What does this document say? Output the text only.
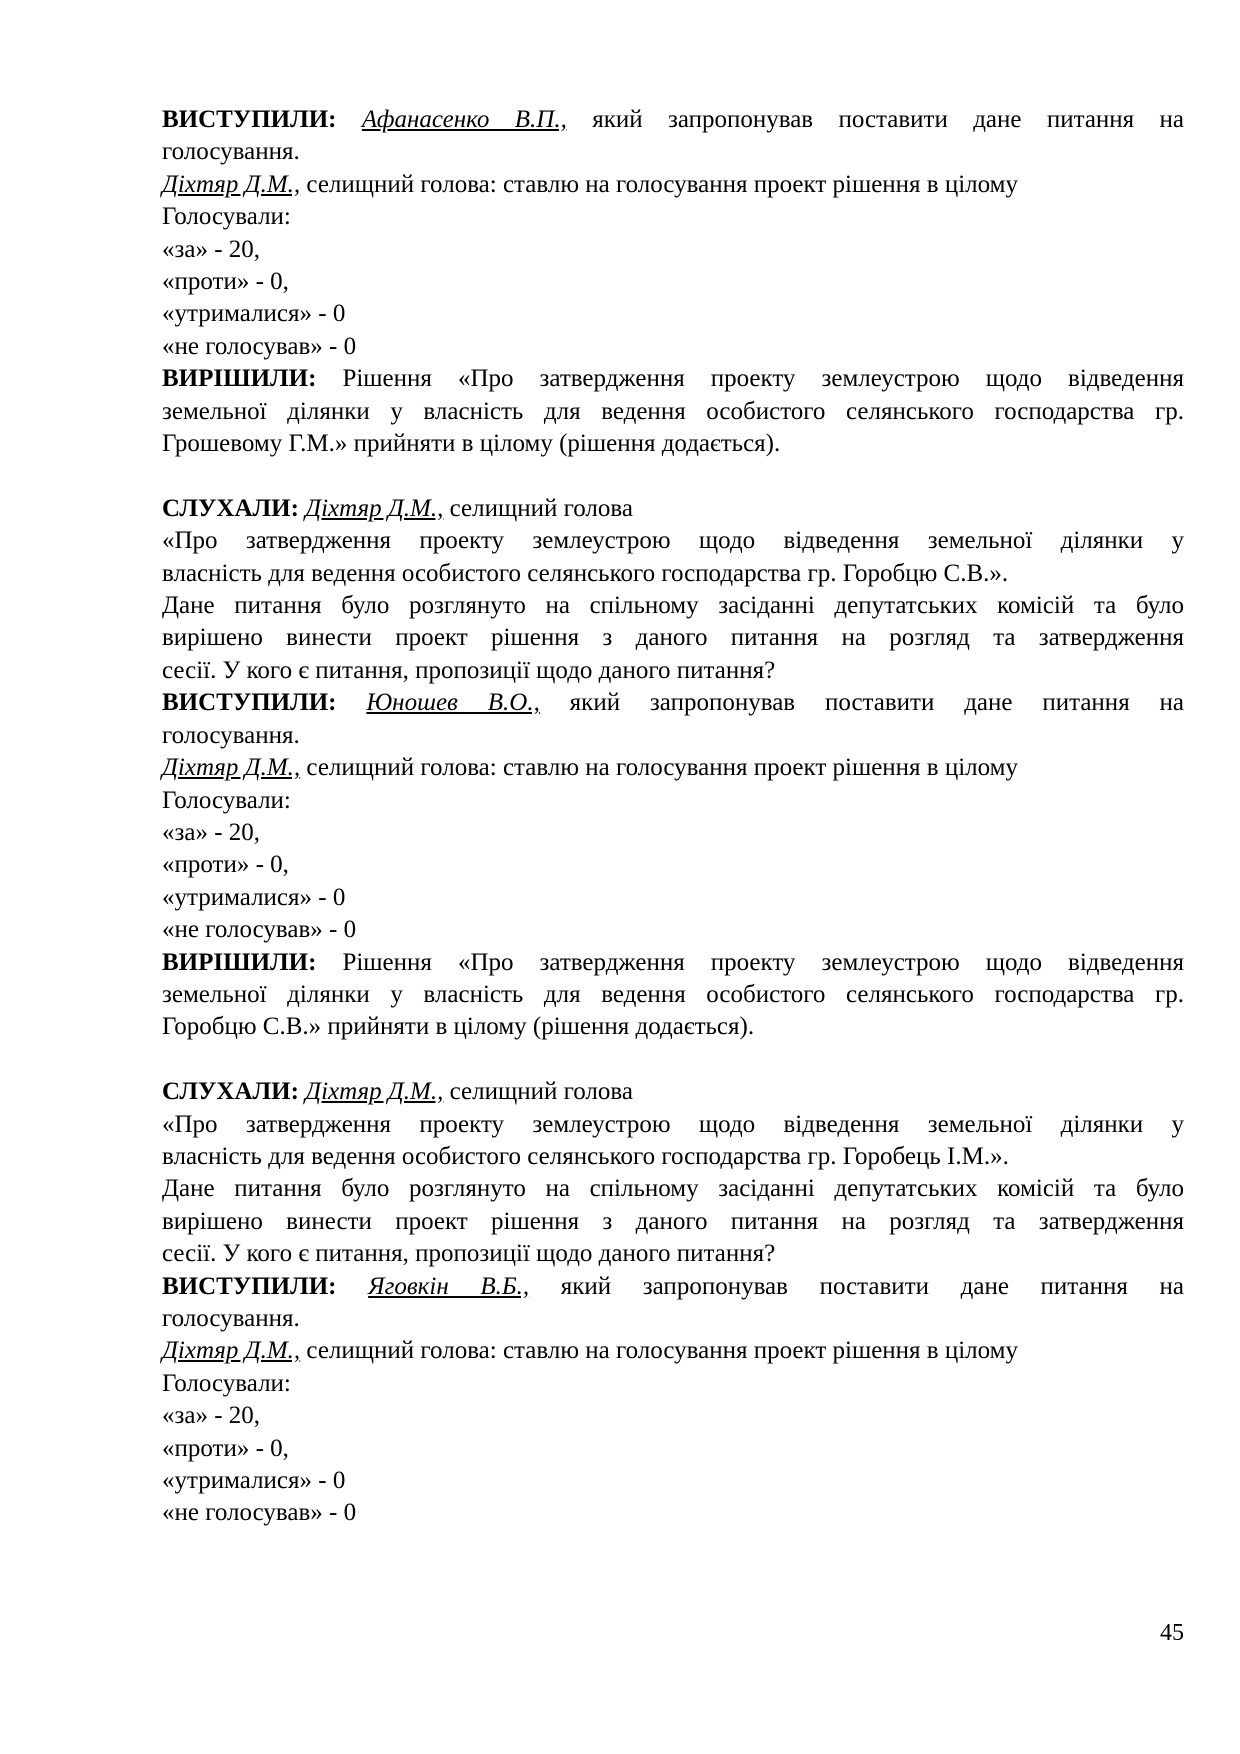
ВИСТУПИЛИ: Афанасенко В.П., який запропонував поставити дане питання на

голосування.

Діхтяр Д.М., селищний голова: ставлю на голосування проект рішення в цілому

Голосували:

«за» - 20,

«проти» - 0,

«утрималися» - 0

«не голосував» - 0

ВИРІШИЛИ: Рішення «Про затвердження проекту землеустрою щодо відведення

земельної ділянки у власність для ведення особистого селянського господарства гр.

Грошевому Г.М.» прийняти в цілому (рішення додається).

СЛУХАЛИ: Діхтяр Д.М., селищний голова

«Про затвердження проекту землеустрою щодо відведення земельної ділянки у

власність для ведення особистого селянського господарства гр. Горобцю С.В.».

Дане питання було розглянуто на спільному засіданні депутатських комісій та було

вирішено винести проект рішення з даного питання на розгляд та затвердження

сесії. У кого є питання, пропозиції щодо даного питання?

ВИСТУПИЛИ: Юношев В.О., який запропонував поставити дане питання на

голосування.

Діхтяр Д.М., селищний голова: ставлю на голосування проект рішення в цілому

Голосували:

«за» - 20,

«проти» - 0,

«утрималися» - 0

«не голосував» - 0

ВИРІШИЛИ: Рішення «Про затвердження проекту землеустрою щодо відведення

земельної ділянки у власність для ведення особистого селянського господарства гр.

Горобцю С.В.» прийняти в цілому (рішення додається).

СЛУХАЛИ: Діхтяр Д.М., селищний голова

«Про затвердження проекту землеустрою щодо відведення земельної ділянки у

власність для ведення особистого селянського господарства гр. Горобець І.М.».

Дане питання було розглянуто на спільному засіданні депутатських комісій та було

вирішено винести проект рішення з даного питання на розгляд та затвердження

сесії. У кого є питання, пропозиції щодо даного питання?

ВИСТУПИЛИ: Яговкін В.Б., який запропонував поставити дане питання на

голосування.

Діхтяр Д.М., селищний голова: ставлю на голосування проект рішення в цілому

Голосували:

«за» - 20,

«проти» - 0,

«утрималися» - 0

«не голосував» - 0

45
